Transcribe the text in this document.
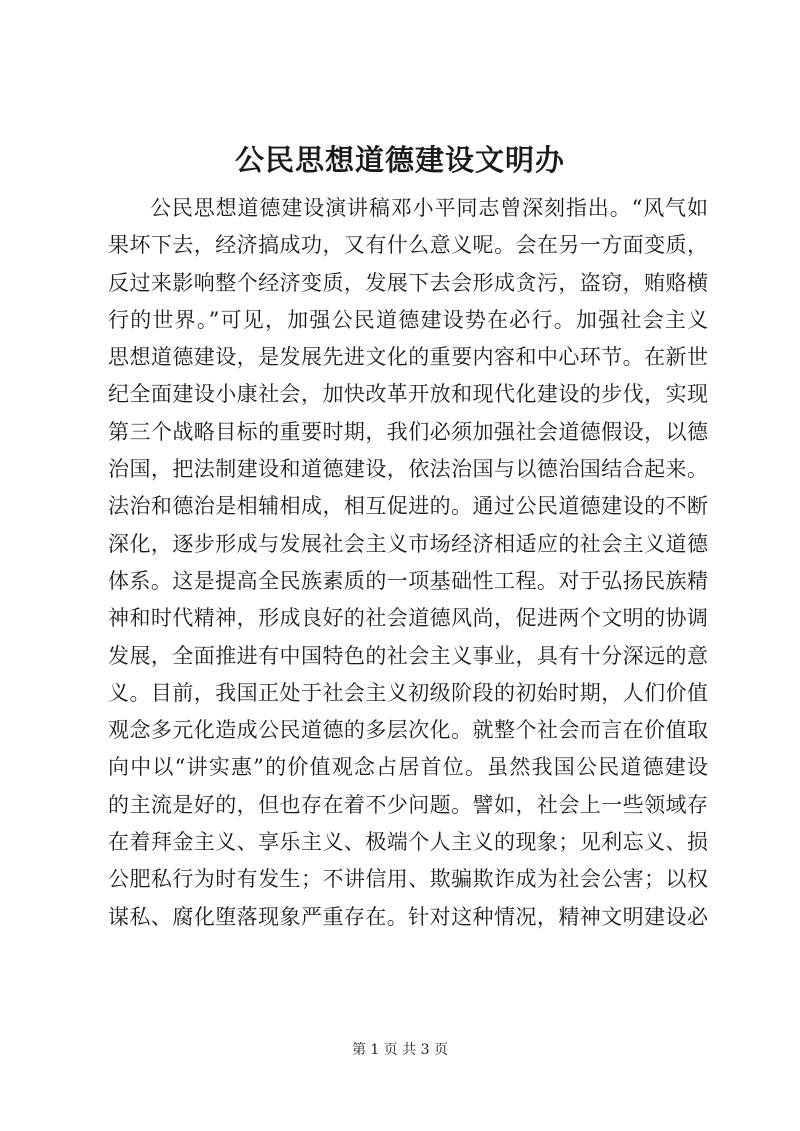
公民思想道德建设文明办
公民思想道德建设演讲稿邓小平同志曾深刻指出。“风气如
果坏下去，经济搞成功，又有什么意义呢。会在另一方面变质，
反过来影响整个经济变质，发展下去会形成贪污，盗窃，贿赂横
行的世界。”可见，加强公民道德建设势在必行。加强社会主义
思想道德建设，是发展先进文化的重要内容和中心环节。在新世
纪全面建设小康社会，加快改革开放和现代化建设的步伐，实现
第三个战略目标的重要时期，我们必须加强社会道德假设，以德
治国，把法制建设和道德建设，依法治国与以德治国结合起来。
法治和德治是相辅相成，相互促进的。通过公民道德建设的不断
深化，逐步形成与发展社会主义市场经济相适应的社会主义道德
体系。这是提高全民族素质的一项基础性工程。对于弘扬民族精
神和时代精神，形成良好的社会道德风尚，促进两个文明的协调
发展，全面推进有中国特色的社会主义事业，具有十分深远的意
义。目前，我国正处于社会主义初级阶段的初始时期，人们价值
观念多元化造成公民道德的多层次化。就整个社会而言在价值取
向中以“讲实惠”的价值观念占居首位。虽然我国公民道德建设
的主流是好的，但也存在着不少问题。譬如，社会上一些领域存
在着拜金主义、享乐主义、极端个人主义的现象；见利忘义、损
公肥私行为时有发生；不讲信用、欺骗欺诈成为社会公害；以权
谋私、腐化堕落现象严重存在。针对这种情况，精神文明建设必
第 1 页 共 3 页
